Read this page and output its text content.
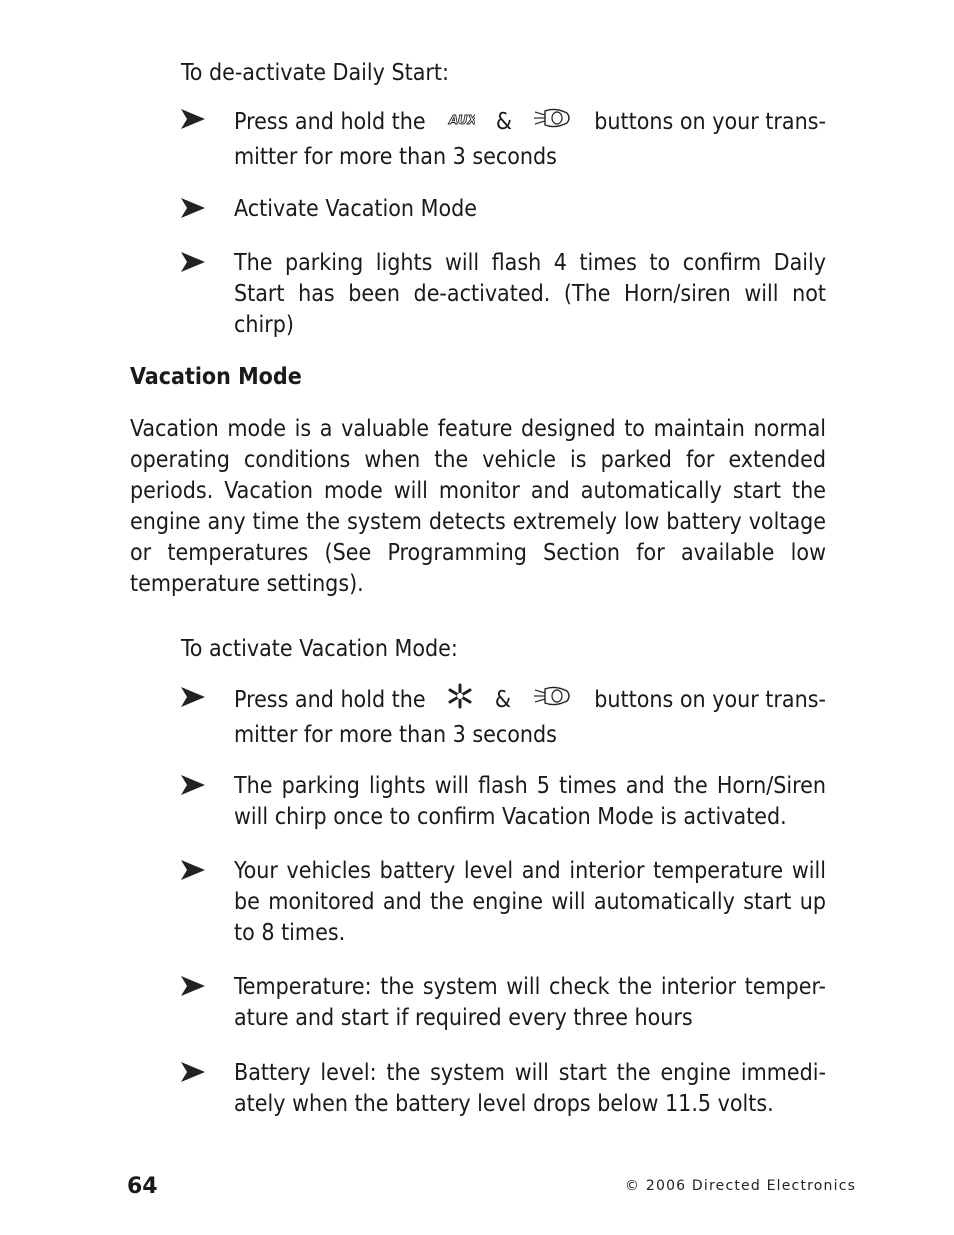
To de-activate Daily Start:
Press and hold the AUX &	buttons on your trans-
mitter for more than 3 seconds
Activate Vacation Mode
The parking lights will flash 4 times to confirm Daily Start has been de-activated. (The Horn/siren will not chirp)
Vacation Mode
Vacation mode is a valuable feature designed to maintain normal operating conditions when the vehicle is parked for extended periods. Vacation mode will monitor and automatically start the engine any time the system detects extremely low battery voltage or temperatures (See Programming Section for available low temperature settings).
To activate Vacation Mode:
Press and hold the	&	buttons on your trans-
mitter for more than 3 seconds
The parking lights will flash 5 times and the Horn/Siren will chirp once to confirm Vacation Mode is activated.
Your vehicles battery level and interior temperature will be monitored and the engine will automatically start up to 8 times.
Temperature: the system will check the interior temper-ature and start if required every three hours
Battery level: the system will start the engine immedi-ately when the battery level drops below 11.5 volts.
64	© 2006 Directed Electronics
